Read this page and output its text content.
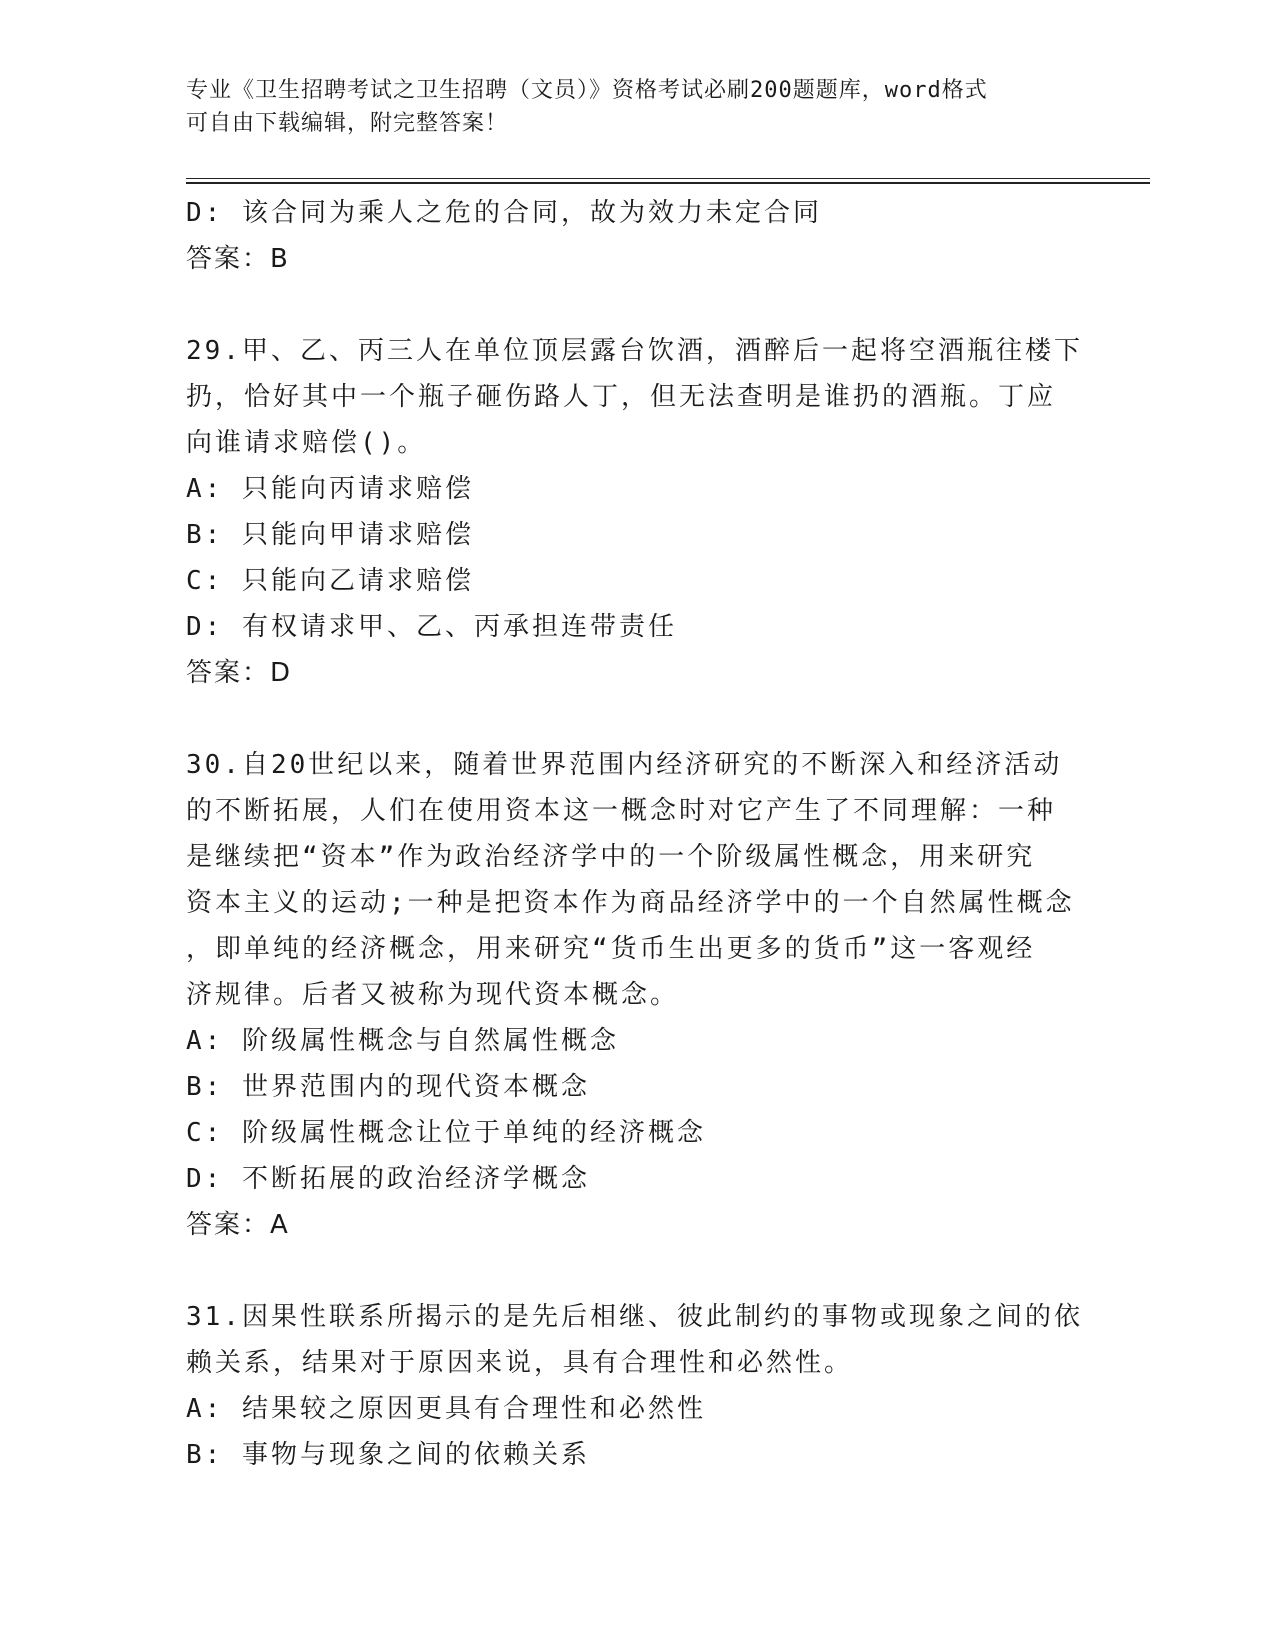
专业《卫生招聘考试之卫生招聘（文员）》资格考试必刷200题题库，word格式
可自由下载编辑，附完整答案！
D: 该合同为乘人之危的合同，故为效力未定合同
答案：B
29.甲、乙、丙三人在单位顶层露台饮酒，酒醉后一起将空酒瓶往楼下
扔，恰好其中一个瓶子砸伤路人丁，但无法查明是谁扔的酒瓶。丁应
向谁请求赔偿()。
A: 只能向丙请求赔偿
B: 只能向甲请求赔偿
C: 只能向乙请求赔偿
D: 有权请求甲、乙、丙承担连带责任
答案：D
30.自20世纪以来，随着世界范围内经济研究的不断深入和经济活动
的不断拓展，人们在使用资本这一概念时对它产生了不同理解：一种
是继续把“资本”作为政治经济学中的一个阶级属性概念，用来研究
资本主义的运动;一种是把资本作为商品经济学中的一个自然属性概念
，即单纯的经济概念，用来研究“货币生出更多的货币”这一客观经
济规律。后者又被称为现代资本概念。
A: 阶级属性概念与自然属性概念
B: 世界范围内的现代资本概念
C: 阶级属性概念让位于单纯的经济概念
D: 不断拓展的政治经济学概念
答案：A
31.因果性联系所揭示的是先后相继、彼此制约的事物或现象之间的依
赖关系，结果对于原因来说，具有合理性和必然性。
A: 结果较之原因更具有合理性和必然性
B: 事物与现象之间的依赖关系
